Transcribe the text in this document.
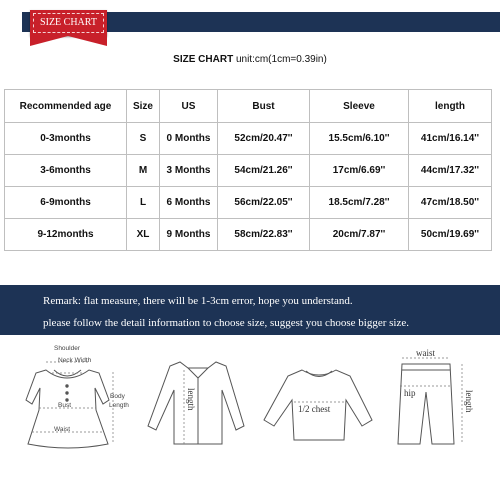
SIZE CHART
SIZE CHART unit:cm(1cm=0.39in)
Recommended age	Size	US	Bust	Sleeve	length
0-3months	S	0 Months	52cm/20.47''	15.5cm/6.10''	41cm/16.14''
3-6months	M	3 Months	54cm/21.26''	17cm/6.69''	44cm/17.32''
6-9months	L	6 Months	56cm/22.05''	18.5cm/7.28''	47cm/18.50''
9-12months	XL	9 Months	58cm/22.83''	20cm/7.87''	50cm/19.69''
Remark: flat measure, there will be 1-3cm error, hope you understand.
please follow the detail information to choose size, suggest you choose bigger size.
Shoulder
Neck Width
Bust
Waist
Body
Length	length	1/2 chest
waist
hip	length
